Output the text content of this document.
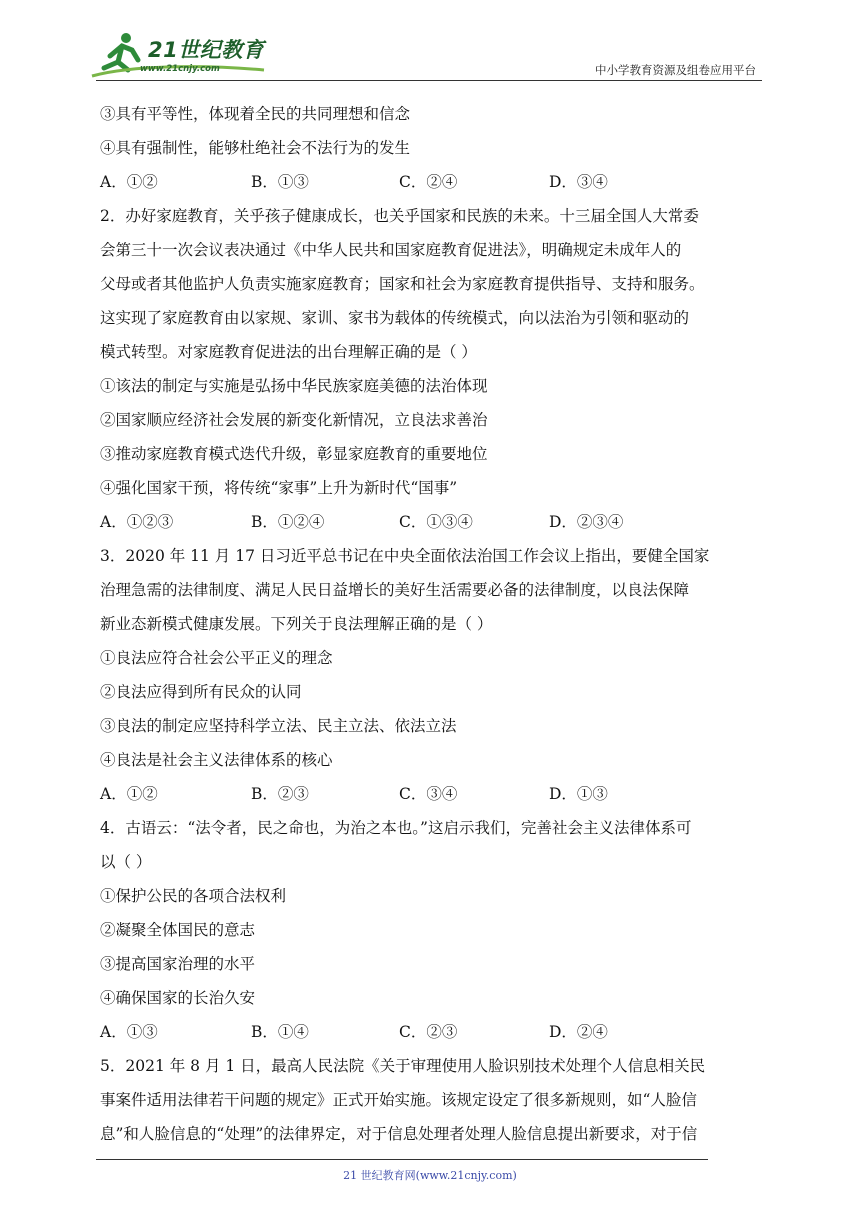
21世纪教育
www.21cnjy.com	中小学教育资源及组卷应用平台
③具有平等性，体现着全民的共同理想和信念
④具有强制性，能够杜绝社会不法行为的发生
A．①②	B．①③	C．②④	D．③④
2．办好家庭教育，关乎孩子健康成长，也关乎国家和民族的未来。十三届全国人大常委
会第三十一次会议表决通过《中华人民共和国家庭教育促进法》，明确规定未成年人的
父母或者其他监护人负责实施家庭教育；国家和社会为家庭教育提供指导、支持和服务。
这实现了家庭教育由以家规、家训、家书为载体的传统模式，向以法治为引领和驱动的
模式转型。对家庭教育促进法的出台理解正确的是（ ）
①该法的制定与实施是弘扬中华民族家庭美德的法治体现
②国家顺应经济社会发展的新变化新情况，立良法求善治
③推动家庭教育模式迭代升级，彰显家庭教育的重要地位
④强化国家干预，将传统“家事”上升为新时代“国事”
A．①②③	B．①②④	C．①③④	D．②③④
3．2020 年 11 月 17 日习近平总书记在中央全面依法治国工作会议上指出，要健全国家
治理急需的法律制度、满足人民日益增长的美好生活需要必备的法律制度，以良法保障
新业态新模式健康发展。下列关于良法理解正确的是（ ）
①良法应符合社会公平正义的理念
②良法应得到所有民众的认同
③良法的制定应坚持科学立法、民主立法、依法立法
④良法是社会主义法律体系的核心
A．①②	B．②③	C．③④	D．①③
4．古语云：“法令者，民之命也，为治之本也。”这启示我们，完善社会主义法律体系可
以（ ）
①保护公民的各项合法权利
②凝聚全体国民的意志
③提高国家治理的水平
④确保国家的长治久安
A．①③	B．①④	C．②③	D．②④
5．2021 年 8 月 1 日，最高人民法院《关于审理使用人脸识别技术处理个人信息相关民
事案件适用法律若干问题的规定》正式开始实施。该规定设定了很多新规则，如“人脸信
息”和人脸信息的“处理”的法律界定，对于信息处理者处理人脸信息提出新要求，对于信
21 世纪教育网(www.21cnjy.com)
